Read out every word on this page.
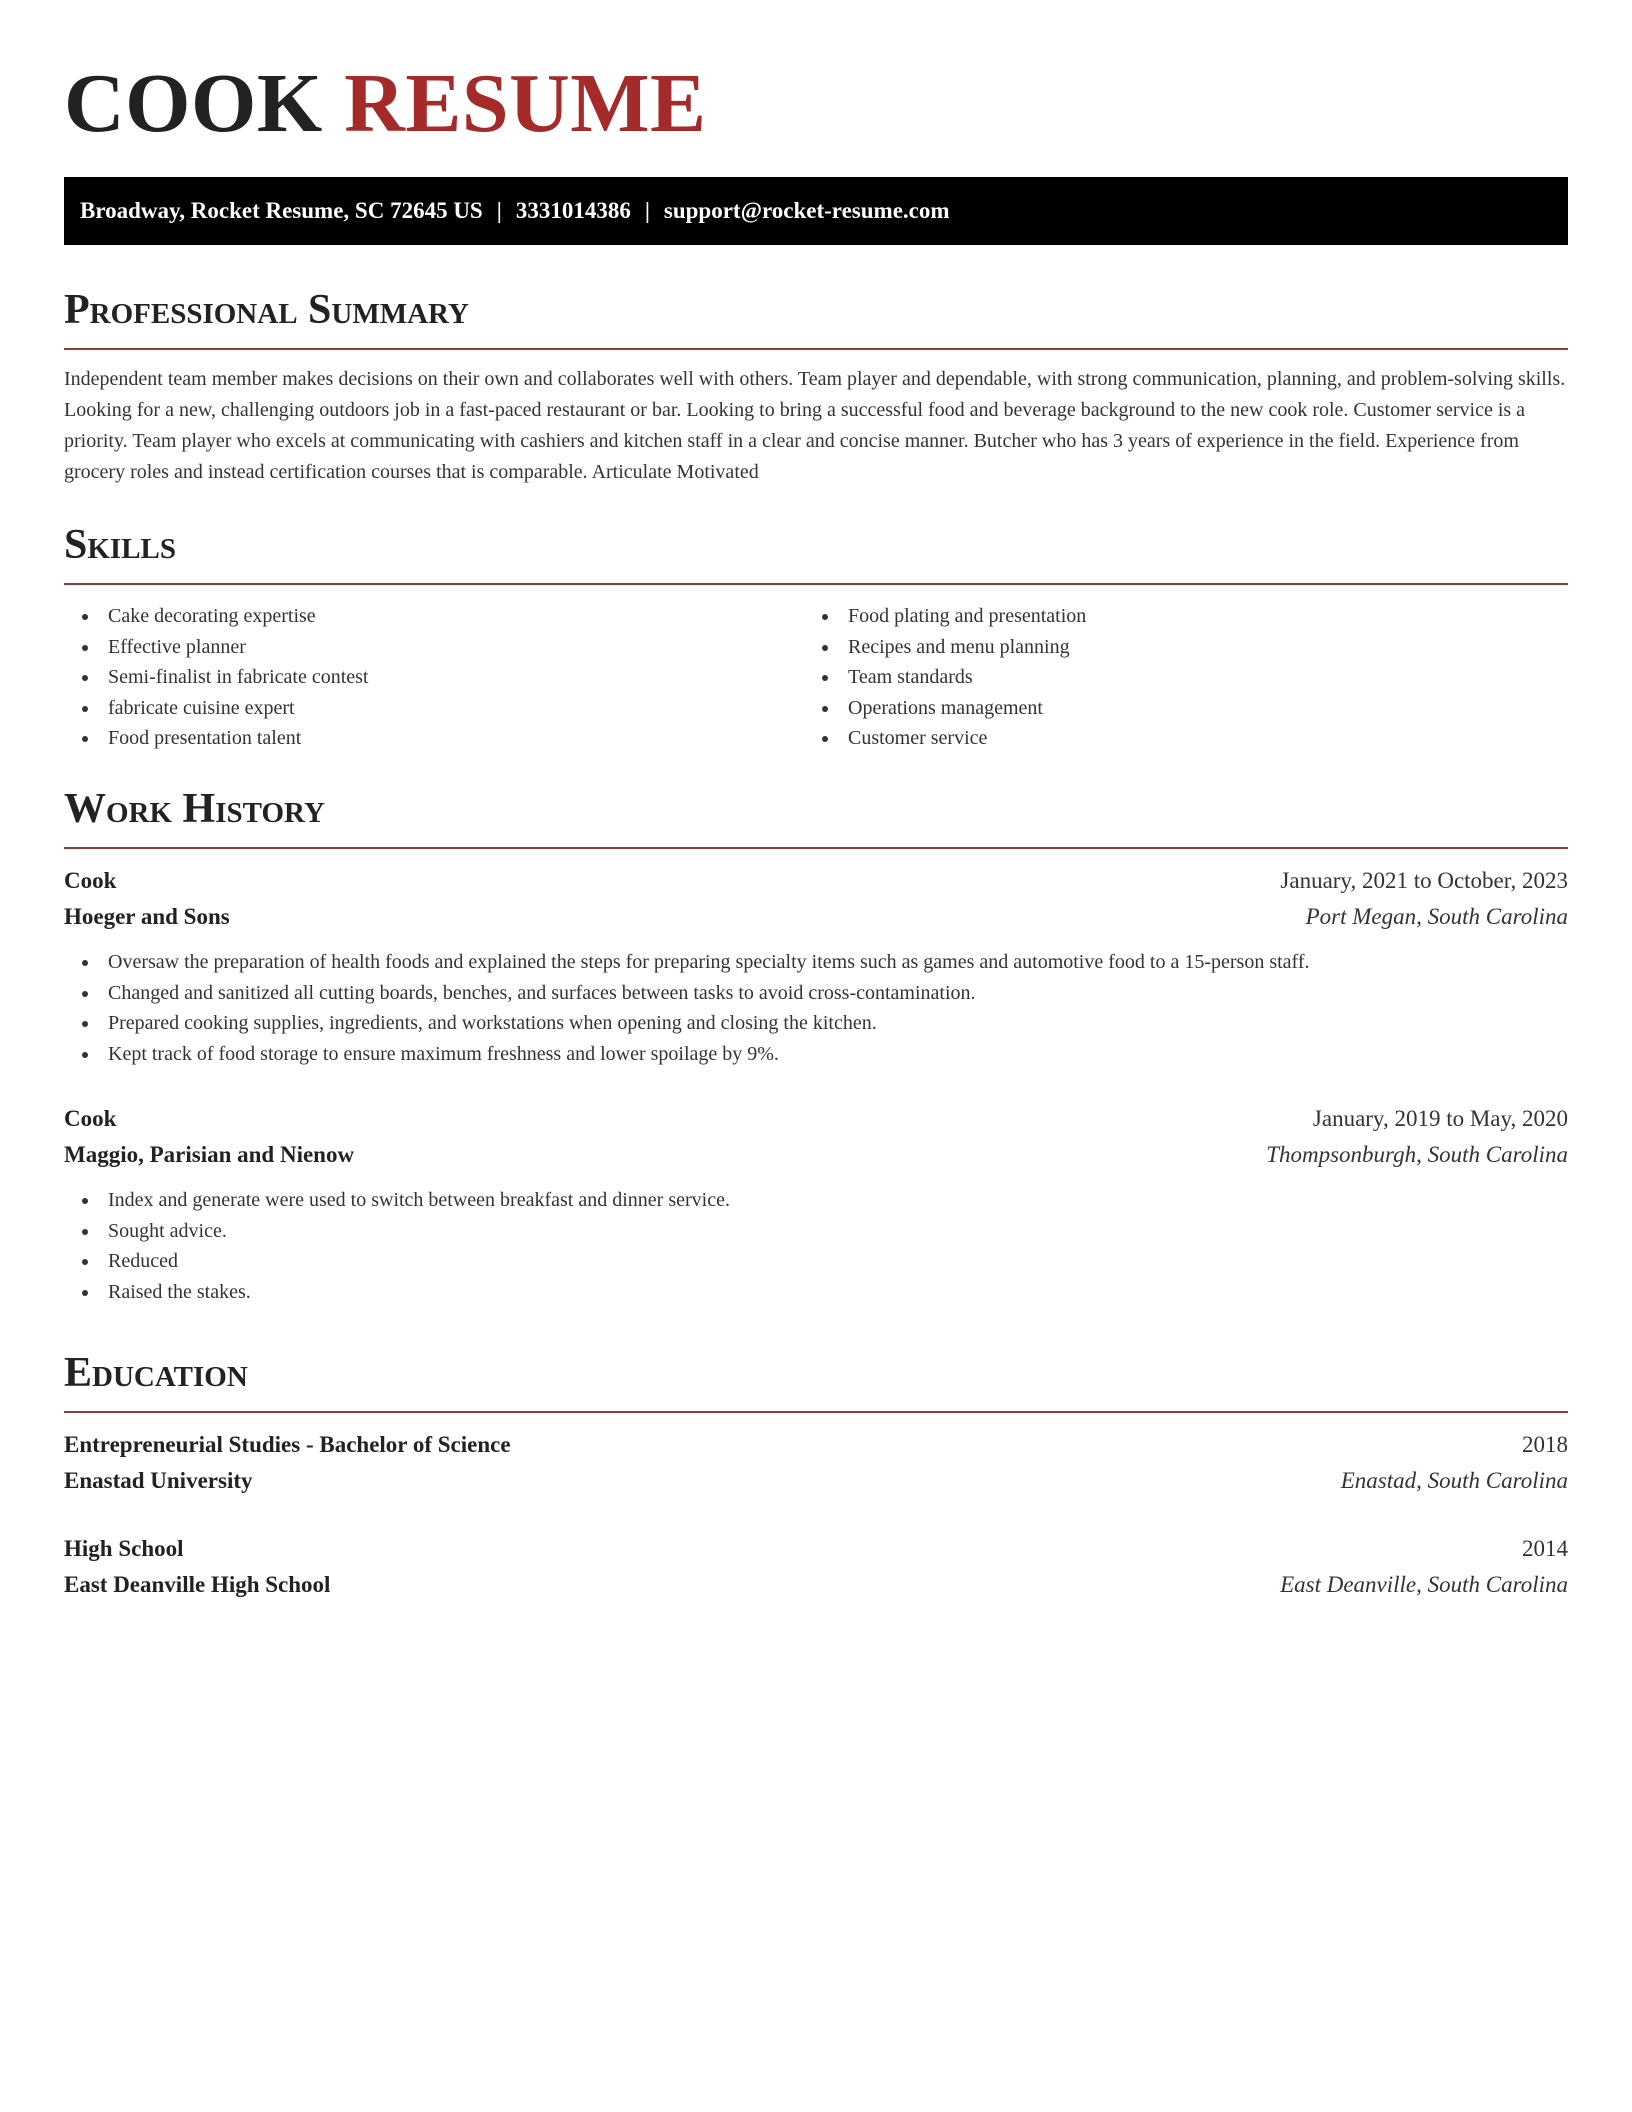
COOK RESUME
Broadway, Rocket Resume, SC 72645 US | 3331014386 | support@rocket-resume.com
Professional Summary

Independent team member makes decisions on their own and collaborates well with others. Team player and dependable, with strong communication, planning, and problem-solving skills. Looking for a new, challenging outdoors job in a fast-paced restaurant or bar. Looking to bring a successful food and beverage background to the new cook role. Customer service is a priority. Team player who excels at communicating with cashiers and kitchen staff in a clear and concise manner. Butcher who has 3 years of experience in the field. Experience from grocery roles and instead certification courses that is comparable. Articulate Motivated

Skills
Cake decorating expertise
Effective planner
Semi-finalist in fabricate contest
fabricate cuisine expert
Food presentation talent
Food plating and presentation
Recipes and menu planning
Team standards
Operations management
Customer service
Work History
Cook	January, 2021 to October, 2023
Hoeger and Sons	Port Megan, South Carolina
Oversaw the preparation of health foods and explained the steps for preparing specialty items such as games and automotive food to a 15-person staff.
Changed and sanitized all cutting boards, benches, and surfaces between tasks to avoid cross-contamination.
Prepared cooking supplies, ingredients, and workstations when opening and closing the kitchen.
Kept track of food storage to ensure maximum freshness and lower spoilage by 9%.
Cook	January, 2019 to May, 2020
Maggio, Parisian and Nienow	Thompsonburgh, South Carolina
Index and generate were used to switch between breakfast and dinner service.
Sought advice.
Reduced
Raised the stakes.
Education
Entrepreneurial Studies - Bachelor of Science	2018
Enastad University	Enastad, South Carolina
High School	2014
East Deanville High School	East Deanville, South Carolina
